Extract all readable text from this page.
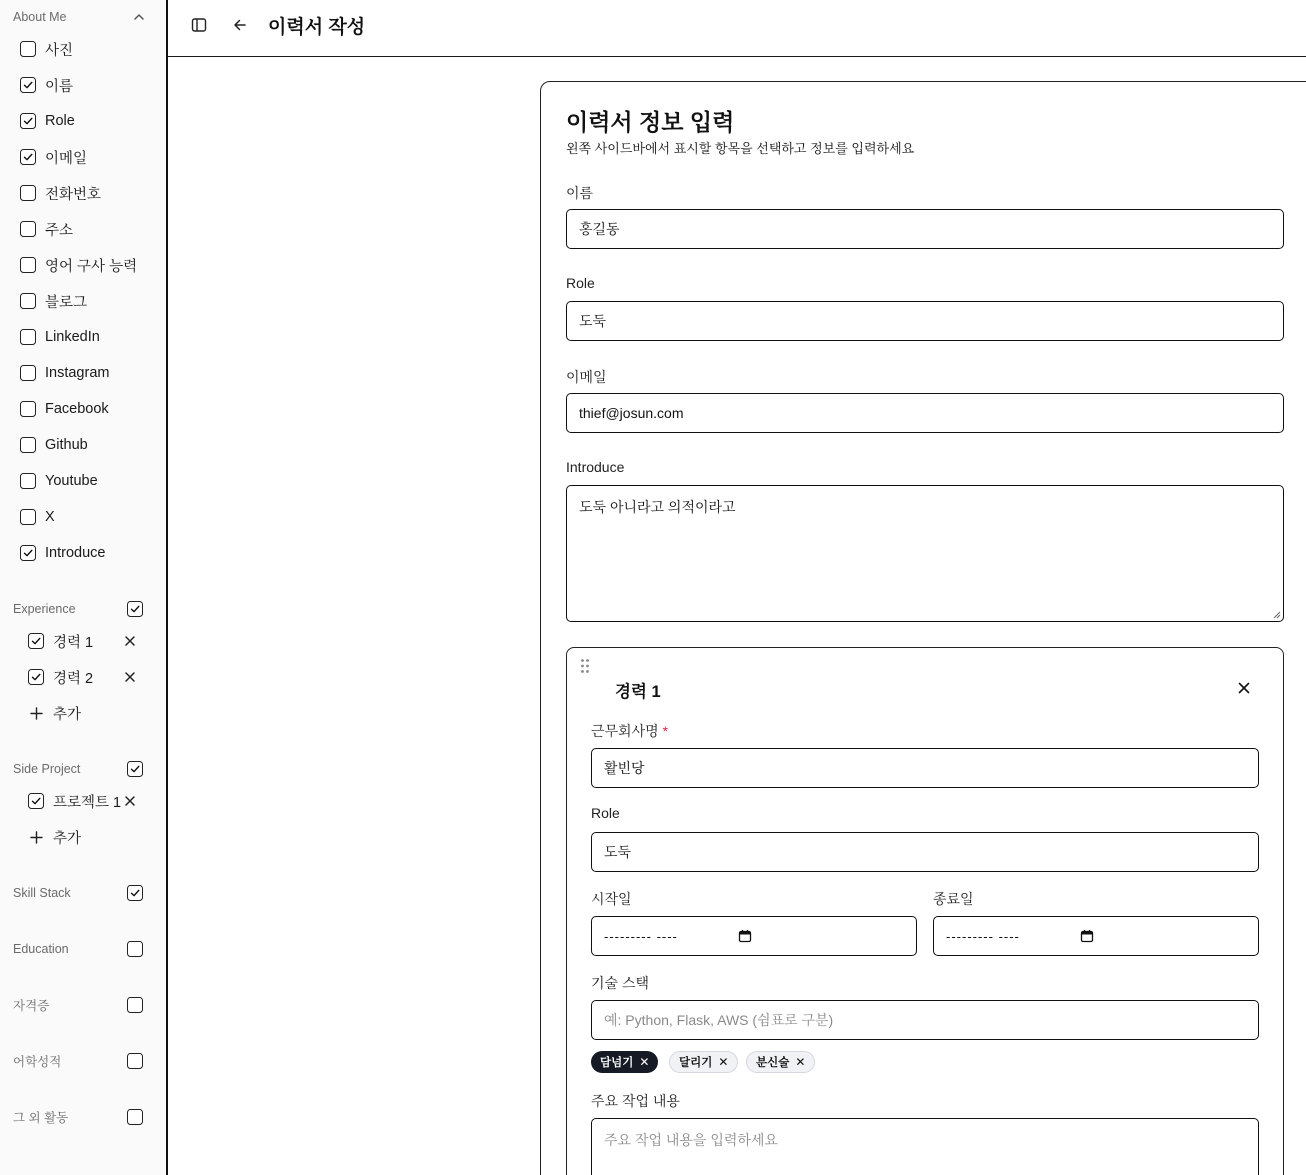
About Me
사진
이름
Role
이메일
전화번호
주소
영어 구사 능력
블로그
LinkedIn
Instagram
Facebook
Github
Youtube
X
Introduce
Experience
경력 1
경력 2
추가
Side Project
프로젝트 1
추가
Skill Stack
Education
자격증
어학성적
그 외 활동
이력서 작성
이력서 정보 입력
왼쪽 사이드바에서 표시할 항목을 선택하고 정보를 입력하세요
이름
홍길동
Role
도둑
이메일
thief@josun.com
Introduce
도둑 아니라고 의적이라고
경력 1
근무회사명 *
활빈당
Role
도둑
시작일
--------- ----
종료일
--------- ----
기술 스택
예: Python, Flask, AWS (쉼표로 구분)
담넘기 ✕	달리기 ✕ 분신술 ✕
주요 작업 내용
주요 작업 내용을 입력하세요
